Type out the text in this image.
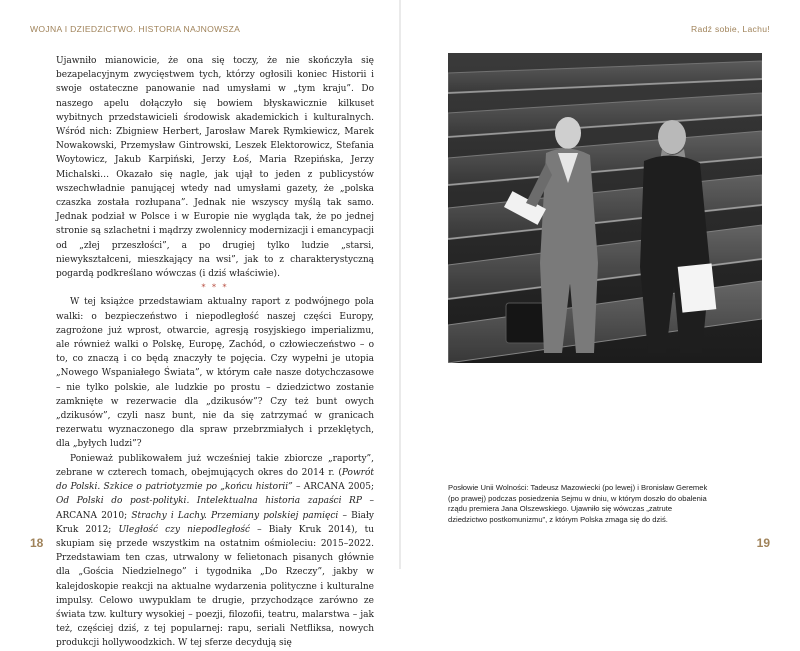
WOJNA I DZIEDZICTWO. HISTORIA NAJNOWSZA

Ujawniło mianowicie, że ona się toczy, że nie skończyła się bezapelacyjnym zwycięstwem tych, którzy ogłosili koniec Historii i swoje ostateczne panowanie nad umysłami w „tym kraju”. Do naszego apelu dołączyło się bowiem błyskawicznie kilkuset wybitnych przedstawicieli środowisk akademickich i kulturalnych. Wśród nich: Zbigniew Herbert, Jarosław Marek Rymkiewicz, Marek Nowakowski, Przemysław Gintrowski, Leszek Elektorowicz, Stefania Woytowicz, Jakub Karpiński, Jerzy Łoś, Maria Rzepińska, Jerzy Michalski… Okazało się nagle, jak ujął to jeden z publicystów wszechwładnie panującej wtedy nad umysłami gazety, że „polska czaszka została rozłupana”. Jednak nie wszyscy myślą tak samo. Jednak podział w Polsce i w Europie nie wygląda tak, że po jednej stronie są szlachetni i mądrzy zwolennicy modernizacji i emancypacji od „złej przeszłości”, a po drugiej tylko ludzie „starsi, niewykształceni, mieszkający na wsi”, jak to z charakterystyczną pogardą podkreślano wówczas (i dziś właściwie).

* * *

W tej książce przedstawiam aktualny raport z podwójnego pola walki: o bezpieczeństwo i niepodległość naszej części Europy, zagrożone już wprost, otwarcie, agresją rosyjskiego imperializmu, ale również walki o Polskę, Europę, Zachód, o człowieczeństwo – o to, co znaczą i co będą znaczyły te pojęcia. Czy wypełni je utopia „Nowego Wspaniałego Świata”, w którym całe nasze dotychczasowe – nie tylko polskie, ale ludzkie po prostu – dziedzictwo zostanie zamknięte w rezerwacie dla „dzikusów”? Czy też bunt owych „dzikusów”, czyli nasz bunt, nie da się zatrzymać w granicach rezerwatu wyznaczonego dla spraw przebrzmiałych i przeklętych, dla „byłych ludzi”?

Ponieważ publikowałem już wcześniej takie zbiorcze „raporty”, zebrane w czterech tomach, obejmujących okres do 2014 r. (Powrót do Polski. Szkice o patriotyzmie po „końcu historii” – ARCANA 2005; Od Polski do post-polityki. Intelektualna historia zapaści RP – ARCANA 2010; Strachy i Lachy. Przemiany polskiej pamięci – Biały Kruk 2012; Uległość czy niepodległość – Biały Kruk 2014), tu skupiam się przede wszystkim na ostatnim ośmioleciu: 2015–2022. Przedstawiam ten czas, utrwalony w felietonach pisanych głównie dla „Gościa Niedzielnego” i tygodnika „Do Rzeczy”, jakby w kalejdoskopie reakcji na aktualne wydarzenia polityczne i kulturalne impulsy. Celowo uwypuklam te drugie, przychodzące zarówno ze świata tzw. kultury wysokiej – poezji, filozofii, teatru, malarstwa – jak też, częściej dziś, z tej popularnej: rapu, seriali Netfliksa, nowych produkcji hollywoodzkich. W tej sferze decydują się

18
Radź sobie, Lachu!
Posłowie Unii Wolności: Tadeusz Mazowiecki (po lewej) i Bronisław Geremek
(po prawej) podczas posiedzenia Sejmu w dniu, w którym doszło do obalenia
rządu premiera Jana Olszewskiego. Ujawniło się wówczas „zatrute
dziedzictwo postkomunizmu”, z którym Polska zmaga się do dziś.
19
